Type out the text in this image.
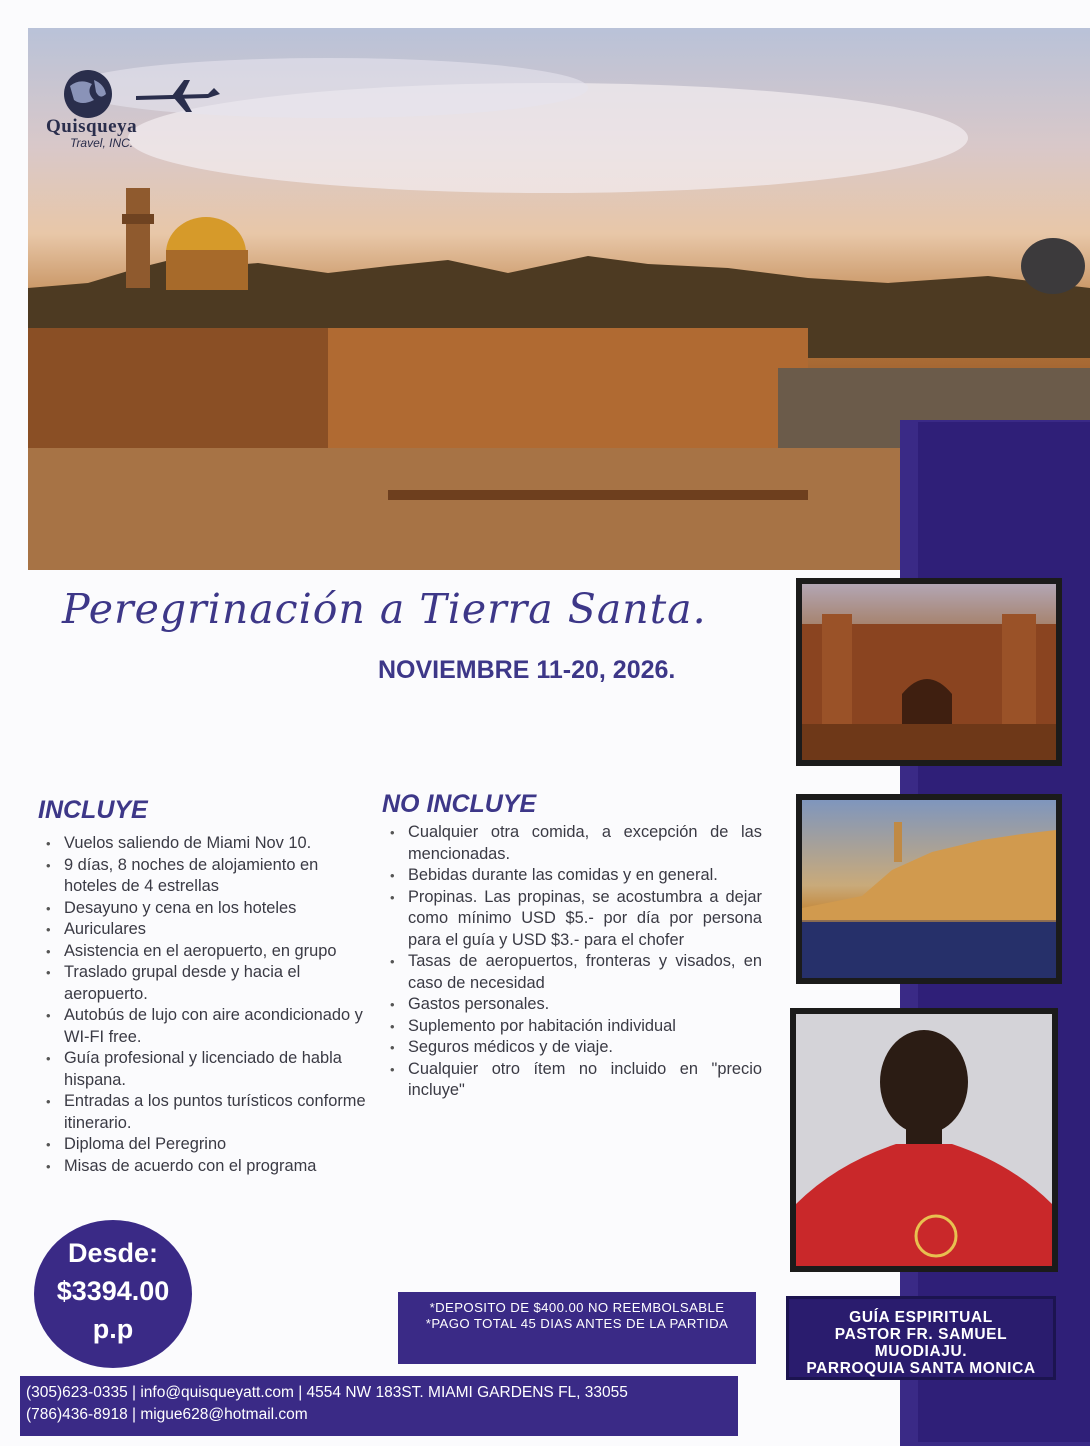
Quisqueya
Travel, INC.
Peregrinación a Tierra Santa.
NOVIEMBRE 11-20, 2026.
INCLUYE
• Vuelos saliendo de Miami Nov 10.
• 9 días, 8 noches de alojamiento en hoteles de 4 estrellas
• Desayuno y cena en los hoteles
• Auriculares
• Asistencia en el aeropuerto, en grupo
• Traslado grupal desde y hacia el aeropuerto.
• Autobús de lujo con aire acondicionado y WI-FI free.
• Guía profesional y licenciado de habla hispana.
• Entradas a los puntos turísticos conforme itinerario.
• Diploma del Peregrino
• Misas de acuerdo con el programa
NO INCLUYE
• Cualquier otra comida, a excepción de las mencionadas.
• Bebidas durante las comidas y en general.
• Propinas. Las propinas, se acostumbra a dejar como mínimo USD $5.- por día por persona para el guía y USD $3.- para el chofer
• Tasas de aeropuertos, fronteras y visados, en caso de necesidad
• Gastos personales.
• Suplemento por habitación individual
• Seguros médicos y de viaje.
• Cualquier otro ítem no incluido en "precio incluye"
Desde:
$3394.00
p.p
*DEPOSITO DE $400.00 NO REEMBOLSABLE
*PAGO TOTAL 45 DIAS ANTES DE LA PARTIDA
(305)623-0335 | info@quisqueyatt.com | 4554 NW 183ST. MIAMI GARDENS FL, 33055
(786)436-8918 | migue628@hotmail.com
GUÍA ESPIRITUAL
PASTOR FR. SAMUEL MUODIAJU.
PARROQUIA SANTA MONICA
